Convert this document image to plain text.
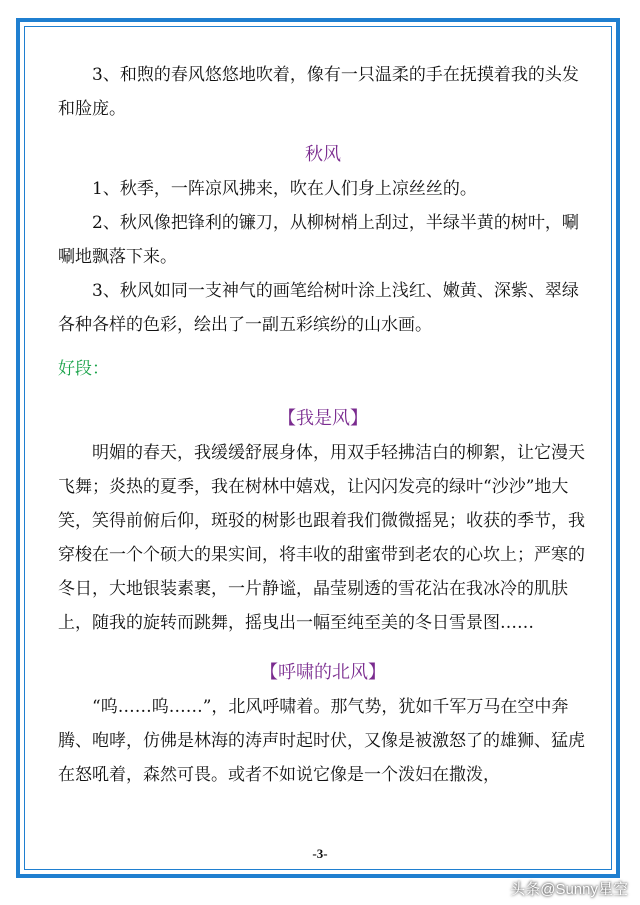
3、和煦的春风悠悠地吹着，像有一只温柔的手在抚摸着我的头发和脸庞。

秋风

1、秋季，一阵凉风拂来，吹在人们身上凉丝丝的。

2、秋风像把锋利的镰刀，从柳树梢上刮过，半绿半黄的树叶，唰唰地飘落下来。

3、秋风如同一支神气的画笔给树叶涂上浅红、嫩黄、深紫、翠绿各种各样的色彩，绘出了一副五彩缤纷的山水画。

好段：

【我是风】

明媚的春天，我缓缓舒展身体，用双手轻拂洁白的柳絮，让它漫天飞舞；炎热的夏季，我在树林中嬉戏，让闪闪发亮的绿叶“沙沙”地大笑，笑得前俯后仰，斑驳的树影也跟着我们微微摇晃；收获的季节，我穿梭在一个个硕大的果实间，将丰收的甜蜜带到老农的心坎上；严寒的冬日，大地银装素裹，一片静谧，晶莹剔透的雪花沾在我冰冷的肌肤上，随我的旋转而跳舞，摇曳出一幅至纯至美的冬日雪景图……

【呼啸的北风】

“呜……呜……”，北风呼啸着。那气势，犹如千军万马在空中奔腾、咆哮，仿佛是林海的涛声时起时伏，又像是被激怒了的雄狮、猛虎在怒吼着，森然可畏。或者不如说它像是一个泼妇在撒泼，

-3-
头条@Sunny星空
